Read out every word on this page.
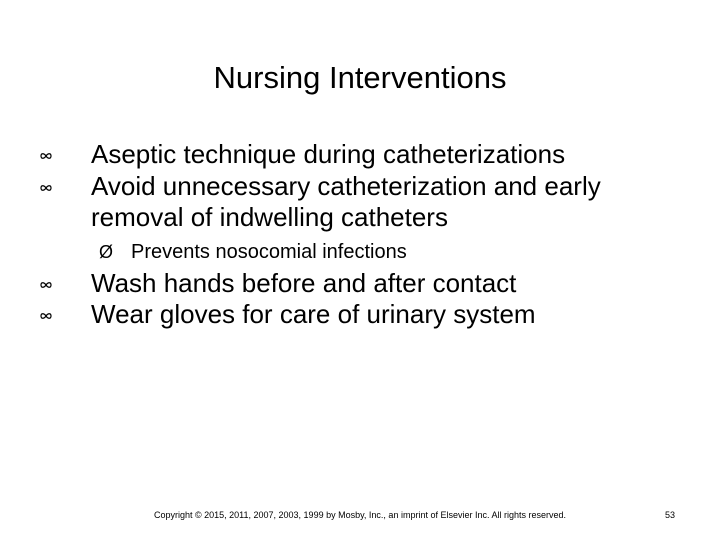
Nursing Interventions
Aseptic technique during catheterizations
Avoid unnecessary catheterization and early removal of indwelling catheters
Ø Prevents nosocomial infections
Wash hands before and after contact
Wear gloves for care of urinary system
Copyright © 2015, 2011, 2007, 2003, 1999 by Mosby, Inc., an imprint of Elsevier Inc. All rights reserved.	53
